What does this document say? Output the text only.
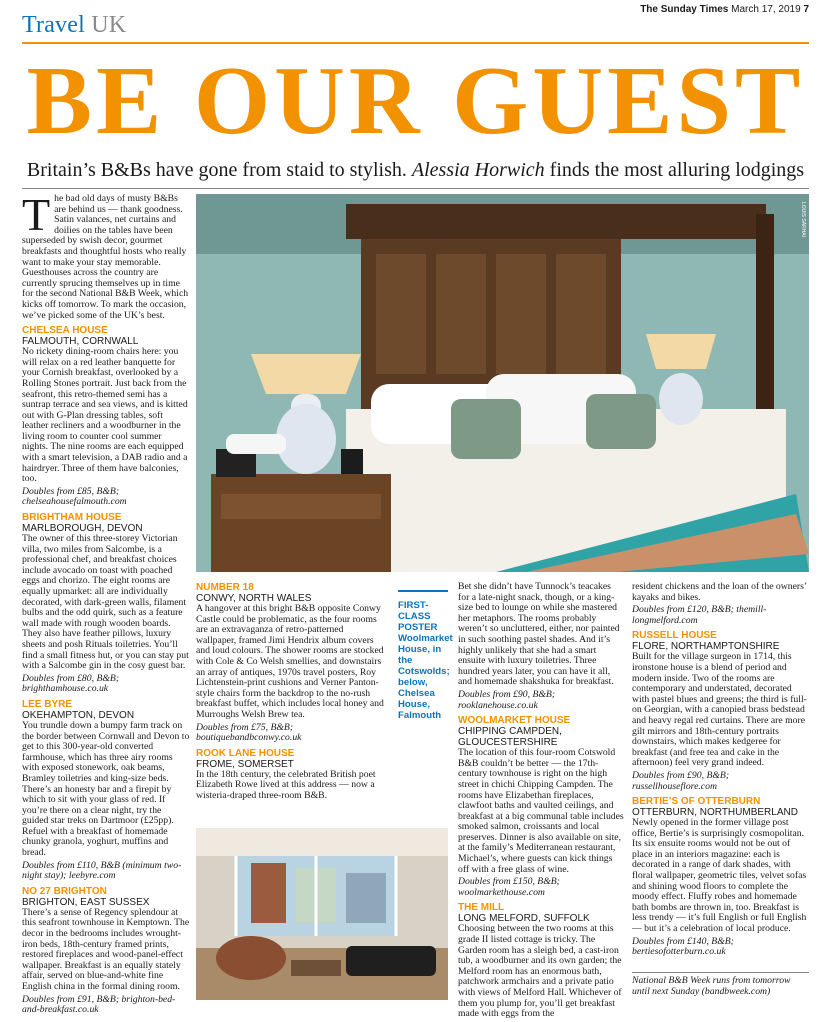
Travel UK
The Sunday Times March 17, 2019 7
BE OUR GUEST
Britain’s B&Bs have gone from staid to stylish. Alessia Horwich finds the most alluring lodgings
The bad old days of musty B&Bs are behind us — thank goodness. Satin valances, net curtains and doilies on the tables have been superseded by swish decor, gourmet breakfasts and thoughtful hosts who really want to make your stay memorable. Guesthouses across the country are currently sprucing themselves up in time for the second National B&B Week, which kicks off tomorrow. To mark the occasion, we’ve picked some of the UK’s best.
CHELSEA HOUSE
FALMOUTH, CORNWALL

No rickety dining-room chairs here: you will relax on a red leather banquette for your Cornish breakfast, overlooked by a Rolling Stones portrait. Just back from the seafront, this retro-themed semi has a suntrap terrace and sea views, and is kitted out with G-Plan dressing tables, soft leather recliners and a woodburner in the living room to counter cool summer nights. The nine rooms are each equipped with a smart television, a DAB radio and a hairdryer. Three of them have balconies, too.

Doubles from £85, B&B; chelseahousefalmouth.com

BRIGHTHAM HOUSE
MARLBOROUGH, DEVON

The owner of this three-storey Victorian villa, two miles from Salcombe, is a professional chef, and breakfast choices include avocado on toast with poached eggs and chorizo. The eight rooms are equally upmarket: all are individually decorated, with dark-green walls, filament bulbs and the odd quirk, such as a feature wall made with rough wooden boards. They also have feather pillows, luxury sheets and posh Rituals toiletries. You’ll find a small fitness hut, or you can stay put with a Salcombe gin in the cosy guest bar.

Doubles from £80, B&B; brighthamhouse.co.uk

LEE BYRE
OKEHAMPTON, DEVON

You trundle down a bumpy farm track on the border between Cornwall and Devon to get to this 300-year-old converted farmhouse, which has three airy rooms with exposed stonework, oak beams, Bramley toiletries and king-size beds. There’s an honesty bar and a firepit by which to sit with your glass of red. If you’re there on a clear night, try the guided star treks on Dartmoor (£25pp). Refuel with a breakfast of homemade chunky granola, yoghurt, muffins and bread.

Doubles from £110, B&B (minimum two-night stay); leebyre.com

NO 27 BRIGHTON
BRIGHTON, EAST SUSSEX

There’s a sense of Regency splendour at this seafront townhouse in Kemptown. The decor in the bedrooms includes wrought-iron beds, 18th-century framed prints, restored fireplaces and wood-panel-effect wallpaper. Breakfast is an equally stately affair, served on blue-and-white fine English china in the formal dining room.

Doubles from £91, B&B; brighton-bed-and-breakfast.co.uk

LOUIS SARHAI
NUMBER 18
CONWY, NORTH WALES

A hangover at this bright B&B opposite Conwy Castle could be problematic, as the four rooms are an extravaganza of retro-patterned wallpaper, framed Jimi Hendrix album covers and loud colours. The shower rooms are stocked with Cole & Co Welsh smellies, and downstairs an array of antiques, 1970s travel posters, Roy Lichtenstein-print cushions and Verner Panton-style chairs form the backdrop to the no-rush breakfast buffet, which includes local honey and Murroughs Welsh Brew tea.

Doubles from £75, B&B; boutiquebandbconwy.co.uk

ROOK LANE HOUSE
FROME, SOMERSET

In the 18th century, the celebrated British poet Elizabeth Rowe lived at this address — now a wisteria-draped three-room B&B.

FIRST-CLASS POSTER Woolmarket House, in the Cotswolds; below, Chelsea House, Falmouth

Bet she didn’t have Tunnock’s teacakes for a late-night snack, though, or a king-size bed to lounge on while she mastered her metaphors. The rooms probably weren’t so uncluttered, either, nor painted in such soothing pastel shades. And it’s highly unlikely that she had a smart ensuite with luxury toiletries. Three hundred years later, you can have it all, and homemade shakshuka for breakfast.

Doubles from £90, B&B; rooklanehouse.co.uk

WOOLMARKET HOUSE
CHIPPING CAMPDEN, GLOUCESTERSHIRE

The location of this four-room Cotswold B&B couldn’t be better — the 17th-century townhouse is right on the high street in chichi Chipping Campden. The rooms have Elizabethan fireplaces, clawfoot baths and vaulted ceilings, and breakfast at a big communal table includes smoked salmon, croissants and local preserves. Dinner is also available on site, at the family’s Mediterranean restaurant, Michael’s, where guests can kick things off with a free glass of wine.

Doubles from £150, B&B; woolmarkethouse.com

THE MILL
LONG MELFORD, SUFFOLK

Choosing between the two rooms at this grade II listed cottage is tricky. The Garden room has a sleigh bed, a cast-iron tub, a woodburner and its own garden; the Melford room has an enormous bath, patchwork armchairs and a private patio with views of Melford Hall. Whichever of them you plump for, you’ll get breakfast made with eggs from the

resident chickens and the loan of the owners’ kayaks and bikes.

Doubles from £120, B&B; themill-longmelford.com

RUSSELL HOUSE
FLORE, NORTHAMPTONSHIRE

Built for the village surgeon in 1714, this ironstone house is a blend of period and modern inside. Two of the rooms are contemporary and understated, decorated with pastel blues and greens; the third is full-on Georgian, with a canopied brass bedstead and heavy regal red curtains. There are more gilt mirrors and 18th-century portraits downstairs, which makes kedgeree for breakfast (and free tea and cake in the afternoon) feel very grand indeed.

Doubles from £90, B&B; russellhouseflore.com

BERTIE’S OF OTTERBURN
OTTERBURN, NORTHUMBERLAND

Newly opened in the former village post office, Bertie’s is surprisingly cosmopolitan. Its six ensuite rooms would not be out of place in an interiors magazine: each is decorated in a range of dark shades, with floral wallpaper, geometric tiles, velvet sofas and shining wood floors to complete the moody effect. Fluffy robes and homemade bath bombs are thrown in, too. Breakfast is less trendy — it’s full English or full English — but it’s a celebration of local produce.

Doubles from £140, B&B; bertiesofotterburn.co.uk

National B&B Week runs from tomorrow until next Sunday (bandbweek.com)
